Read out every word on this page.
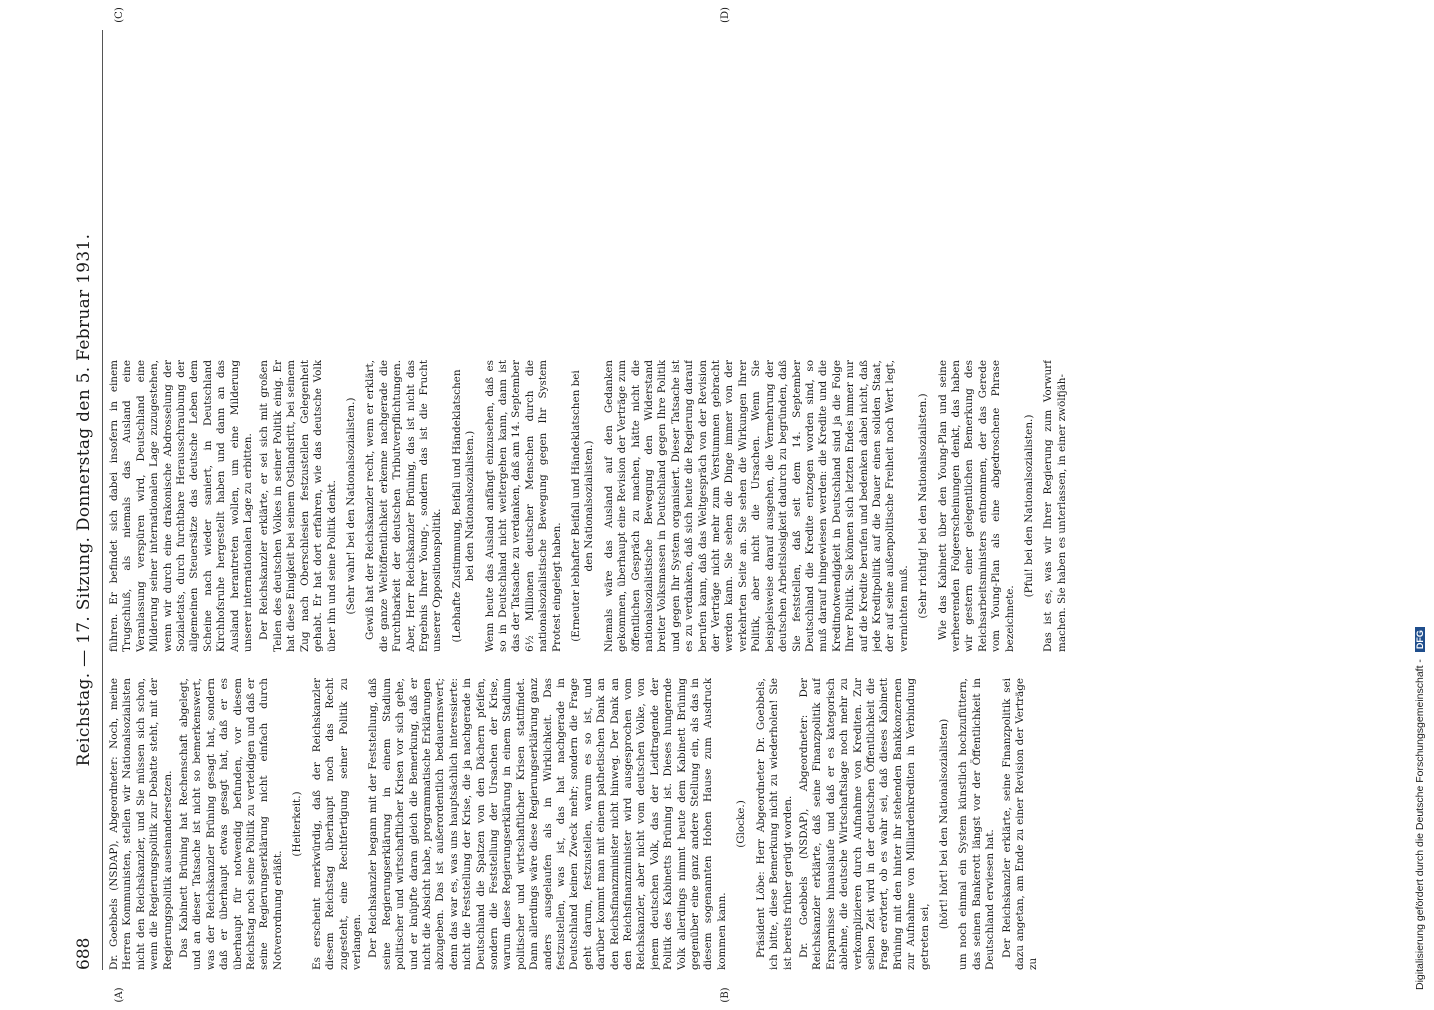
688
Reichstag. — 17. Sitzung. Donnerstag den 5. Februar 1931.
(A)	(B)
(C)	(D)

Dr. Goebbels (NSDAP), Abgeordneter: Noch, meine Herren Kommunisten, stellen wir Nationalsozialisten nicht den Reichskanzler, und Sie müssen sich schon, wenn die Regierungspolitik zur Debatte steht, mit der Regierungspolitik auseinandersetzen. Das Kabinett Brüning hat Rechenschaft abgelegt, und an dieser Tatsache ist nicht so bemerkenswert, was der Reichskanzler Brüning gesagt hat, sondern daß er überhaupt etwas gesagt hat, daß er es überhaupt für notwendig befunden, vor diesem Reichstag noch seine Politik zu verteidigen und daß er seine Regierungserklärung nicht einfach durch Notverordnung erläßt.

(Heiterkeit.) Es erscheint merkwürdig, daß der Reichskanzler diesem Reichstag überhaupt noch das Recht zugesteht, eine Rechtfertigung seiner Politik zu verlangen. Der Reichskanzler begann mit der Feststellung, daß seine Regierungserklärung in einem Stadium politischer und wirtschaftlicher Krisen vor sich gehe, und er knüpfte daran gleich die Bemerkung, daß er nicht die Absicht habe, programmatische Erklärungen abzugeben. Das ist außerordentlich bedauernswert; denn das war es, was uns hauptsächlich interessierte: nicht die Feststellung der Krise, die ja nachgerade in Deutschland die Spatzen von den Dächern pfeifen, sondern die Feststellung der Ursachen der Krise, warum diese Regierungserklärung in einem Stadium politischer und wirtschaftlicher Krisen stattfindet. Dann allerdings wäre diese Regierungserklärung ganz anders ausgelaufen als in Wirklichkeit. Das festzustellen, was ist, das hat nachgerade in Deutschland keinen Zweck mehr; sondern die Frage geht darum, festzustellen, warum es so ist, und darüber kommt man mit einem pathetischen Dank an den Reichsfinanzminister nicht hinweg. Der Dank an den Reichsfinanzminister wird ausgesprochen vom Reichskanzler, aber nicht vom deutschen Volke, von jenem deutschen Volk, das der Leidtragende der Politik des Kabinetts Brüning ist. Dieses hungernde Volk allerdings nimmt heute dem Kabinett Brüning gegenüber eine ganz andere Stellung ein, als das in diesem sogenannten Hohen Hause zum Ausdruck kommen kann.

(Glocke.) Präsident Löbe: Herr Abgeordneter Dr. Goebbels, ich bitte, diese Bemerkung nicht zu wiederholen! Sie ist bereits früher gerügt worden. Dr. Goebbels (NSDAP), Abgeordneter: Der Reichskanzler erklärte, daß seine Finanzpolitik auf Ersparnisse hinauslaufe und daß er es kategorisch ablehne, die deutsche Wirtschaftslage noch mehr zu verkomplizieren durch Aufnahme von Krediten. Zur selben Zeit wird in der deutschen Öffentlichkeit die Frage erörtert, ob es wahr sei, daß dieses Kabinett Brüning mit den hinter ihr stehenden Bankkonzernen zur Aufnahme von Milliardenkrediten in Verbindung getreten sei,

(hört! hört! bei den Nationalsozialisten) um noch einmal ein System künstlich hochzufüttern, das seinen Bankerott längst vor der Öffentlichkeit in Deutschland erwiesen hat. Der Reichskanzler erklärte, seine Finanzpolitik sei dazu angetan, am Ende zu einer Revision der Verträge zu

führen. Er befindet sich dabei insofern in einem Trugschluß, als niemals das Ausland eine Veranlassung verspüren wird, Deutschland eine Milderung seiner internationalen Lage zuzugestehen, wenn wir durch eine drakonische Abdrosselung der Sozialetats, durch furchtbare Herausschraubung der allgemeinen Steuersätze das deutsche Leben dem Scheine nach wieder saniert, in Deutschland Kirchhofsruhe hergestellt haben und dann an das Ausland herantreten wollen, um eine Milderung unserer internationalen Lage zu erbitten. Der Reichskanzler erklärte, er sei sich mit großen Teilen des deutschen Volkes in seiner Politik einig. Er hat diese Einigkeit bei seinem Ostlandsritt, bei seinem Zug nach Oberschlesien festzustellen Gelegenheit gehabt. Er hat dort erfahren, wie das deutsche Volk über ihn und seine Politik denkt. (Sehr wahr! bei den Nationalsozialisten.) Gewiß hat der Reichskanzler recht, wenn er erklärt, die ganze Weltöffentlichkeit erkenne nachgerade die Furchtbarkeit der deutschen Tributverpflichtungen. Aber, Herr Reichskanzler Brüning, das ist nicht das Ergebnis Ihrer Young-, sondern das ist die Frucht unserer Oppositionspolitik. (Lebhafte Zustimmung, Beifall und Händeklatschen bei den Nationalsozialisten.) Wenn heute das Ausland anfängt einzusehen, daß es so in Deutschland nicht weitergehen kann, dann ist das der Tatsache zu verdanken, daß am 14. September 6½ Millionen deutscher Menschen durch die nationalsozialistische Bewegung gegen Ihr System Protest eingelegt haben. (Erneuter lebhafter Beifall und Händeklatschen bei den Nationalsozialisten.) Niemals wäre das Ausland auf den Gedanken gekommen, überhaupt eine Revision der Verträge zum öffentlichen Gespräch zu machen, hätte nicht die nationalsozialistische Bewegung den Widerstand breiter Volksmassen in Deutschland gegen Ihre Politik und gegen Ihr System organisiert. Dieser Tatsache ist es zu verdanken, daß sich heute die Regierung darauf berufen kann, daß das Weltgespräch von der Revision der Verträge nicht mehr zum Verstummen gebracht werden kann. Sie sehen die Dinge immer von der verkehrten Seite an. Sie sehen die Wirkungen Ihrer Politik, aber nicht die Ursachen. Wenn Sie beispielsweise darauf ausgehen, die Vermehrung der deutschen Arbeitslosigkeit dadurch zu begründen, daß Sie feststellen, daß seit dem 14. September Deutschland die Kredite entzogen worden sind, so muß darauf hingewiesen werden: die Kredite und die Kreditnotwendigkeit in Deutschland sind ja die Folge Ihrer Politik. Sie können sich letzten Endes immer nur auf die Kredite berufen und bedenken dabei nicht, daß jede Kreditpolitik auf die Dauer einen soliden Staat, der auf seine außenpolitische Freiheit noch Wert legt, vernichten muß. (Sehr richtig! bei den Nationalsozialisten.) Wie das Kabinett über den Young-Plan und seine verheerenden Folgeerscheinungen denkt, das haben wir gestern einer gelegentlichen Bemerkung des Reichsarbeitsministers entnommen, der das Gerede vom Young-Plan als eine abgedroschene Phrase bezeichnete.

(Pfui! bei den Nationalsozialisten.) Das ist es, was wir Ihrer Regierung zum Vorwurf machen. Sie haben es unterlassen, in einer zwölfjäh-

Digitalisierung gefördert durch die Deutsche Forschungsgemeinschaft - DFG
